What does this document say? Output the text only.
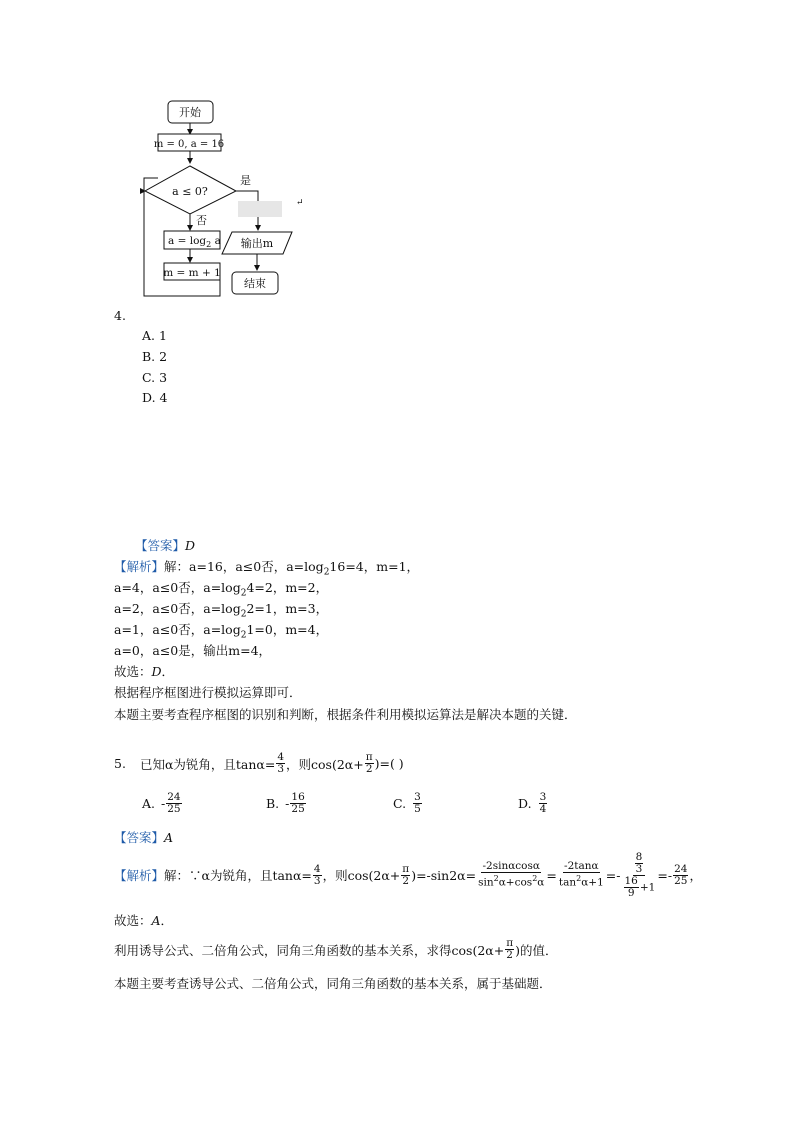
开始
m = 0, a = 16
a ≤ 0?
是
↵
否
$a = \log_2 a$
m = m + 1
输出m
结束
4.
A. 1
B. 2
C. 3
D. 4
【答案】D
【解析】解：a=16，a≤0否，$a=\log_216=4$，m=1，
a=4，a≤0否，$a=\log_24=2$，m=2，
a=2，a≤0否，$a=\log_22=1$，m=3，
a=1，a≤0否，$a=\log_21=0$，m=4，
a=0，a≤0是，输出m=4，
故选：D．
根据程序框图进行模拟运算即可．
本题主要考查程序框图的识别和判断，根据条件利用模拟运算法是解决本题的关键．
5. 已知α为锐角，且$\tan\alpha= \frac{4}{3}$ ，则$\cos(2\alpha+ \frac{\pi}{2}$ )=( )
A. - $\frac{24}{25}$	B. - $\frac{16}{25}$	C. $\frac{3}{5}$	D. $\frac{3}{4}$
【答案】A
【解析】 解：∵α为锐角，且$\tan\alpha= \frac{4}{3}$ ，则$\cos(2\alpha+ \frac{\pi}{2} )=-\sin 2\alpha= \frac{-2\sin\alpha\cos\alpha}{\sin^2\alpha+\cos^2\alpha} = \frac{-2\tan\alpha}{\tan^2\alpha+1}$ = - $\frac{\frac{8}{3}}{\frac{16}{9} +1}$ = - $\frac{24}{25}$ ，
故选：A．
利用诱导公式、二倍角公式，同角三角函数的基本关系，求得$\cos(2\alpha+ \frac{\pi}{2}$ )的值．
本题主要考查诱导公式、二倍角公式，同角三角函数的基本关系，属于基础题．
